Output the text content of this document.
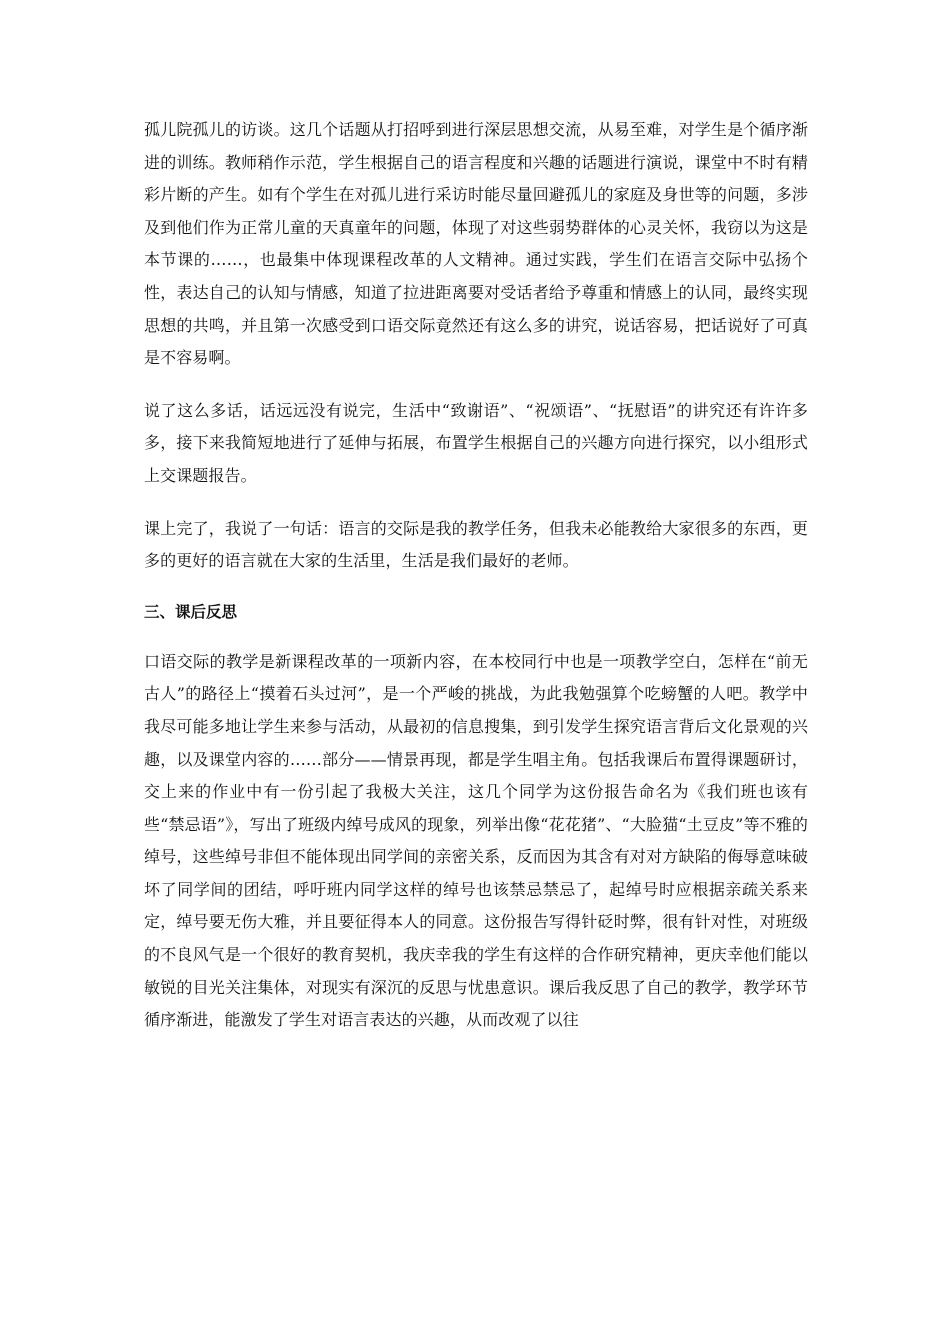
孤儿院孤儿的访谈。这几个话题从打招呼到进行深层思想交流，从易至难，对学生是个循序渐进的训练。教师稍作示范，学生根据自己的语言程度和兴趣的话题进行演说，课堂中不时有精彩片断的产生。如有个学生在对孤儿进行采访时能尽量回避孤儿的家庭及身世等的问题，多涉及到他们作为正常儿童的天真童年的问题，体现了对这些弱势群体的心灵关怀，我窃以为这是本节课的……，也最集中体现课程改革的人文精神。通过实践，学生们在语言交际中弘扬个性，表达自己的认知与情感，知道了拉进距离要对受话者给予尊重和情感上的认同，最终实现思想的共鸣，并且第一次感受到口语交际竟然还有这么多的讲究，说话容易，把话说好了可真是不容易啊。

说了这么多话，话远远没有说完，生活中“致谢语”、“祝颂语”、“抚慰语”的讲究还有许许多多，接下来我简短地进行了延伸与拓展，布置学生根据自己的兴趣方向进行探究，以小组形式上交课题报告。

课上完了，我说了一句话：语言的交际是我的教学任务，但我未必能教给大家很多的东西，更多的更好的语言就在大家的生活里，生活是我们最好的老师。

三、课后反思

口语交际的教学是新课程改革的一项新内容，在本校同行中也是一项教学空白，怎样在“前无古人”的路径上“摸着石头过河”，是一个严峻的挑战，为此我勉强算个吃螃蟹的人吧。教学中我尽可能多地让学生来参与活动，从最初的信息搜集，到引发学生探究语言背后文化景观的兴趣，以及课堂内容的……部分——情景再现，都是学生唱主角。包括我课后布置得课题研讨，交上来的作业中有一份引起了我极大关注，这几个同学为这份报告命名为《我们班也该有些“禁忌语”》，写出了班级内绰号成风的现象，列举出像“花花猪”、“大脸猫“土豆皮”等不雅的绰号，这些绰号非但不能体现出同学间的亲密关系，反而因为其含有对对方缺陷的侮辱意味破坏了同学间的团结，呼吁班内同学这样的绰号也该禁忌禁忌了，起绰号时应根据亲疏关系来定，绰号要无伤大雅，并且要征得本人的同意。这份报告写得针砭时弊，很有针对性，对班级的不良风气是一个很好的教育契机，我庆幸我的学生有这样的合作研究精神，更庆幸他们能以敏锐的目光关注集体，对现实有深沉的反思与忧患意识。课后我反思了自己的教学，教学环节循序渐进，能激发了学生对语言表达的兴趣，从而改观了以往
